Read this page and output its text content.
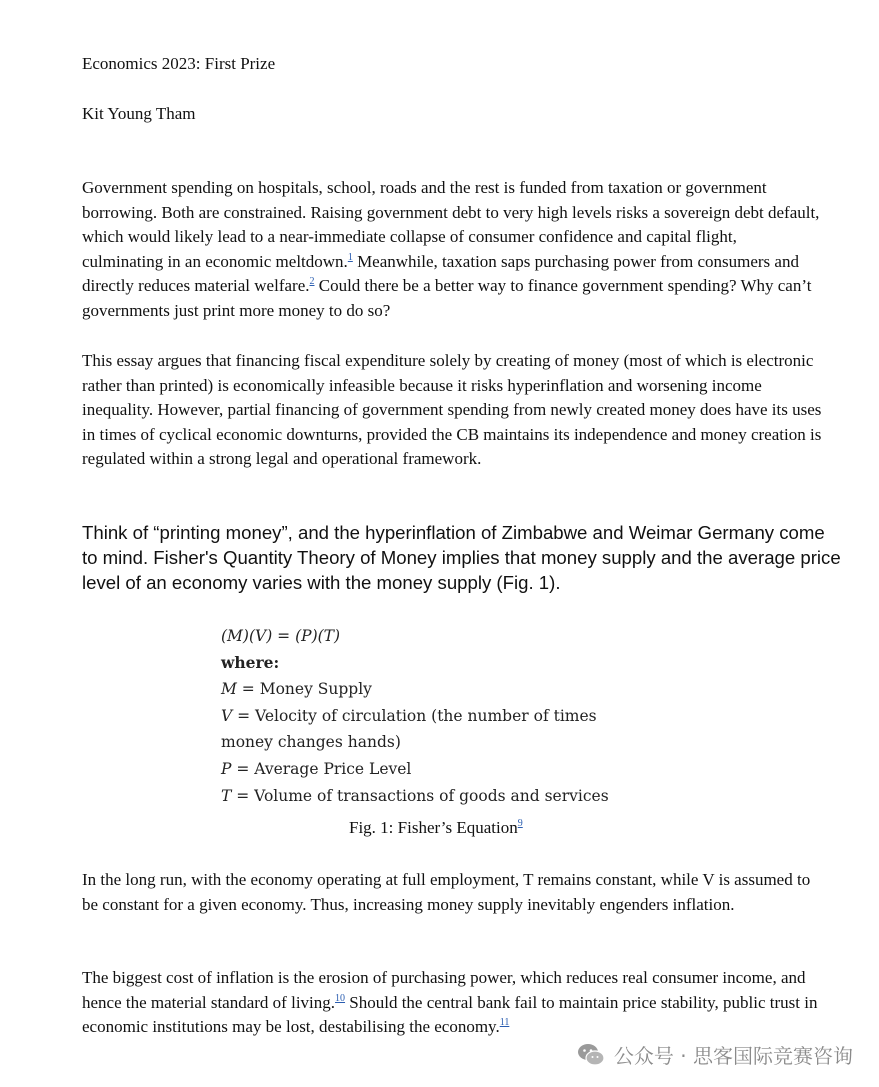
Economics 2023: First Prize
Kit Young Tham

Government spending on hospitals, school, roads and the rest is funded from taxation or government borrowing. Both are constrained. Raising government debt to very high levels risks a sovereign debt default, which would likely lead to a near-immediate collapse of consumer confidence and capital flight, culminating in an economic meltdown.$^1$ Meanwhile, taxation saps purchasing power from consumers and directly reduces material welfare.$^2$ Could there be a better way to finance government spending? Why can’t governments just print more money to do so?

This essay argues that financing fiscal expenditure solely by creating of money (most of which is electronic rather than printed) is economically infeasible because it risks hyperinflation and worsening income inequality. However, partial financing of government spending from newly created money does have its uses in times of cyclical economic downturns, provided the CB maintains its independence and money creation is regulated within a strong legal and operational framework.

Think of “printing money”, and the hyperinflation of Zimbabwe and Weimar Germany come to mind. Fisher's Quantity Theory of Money implies that money supply and the average price level of an economy varies with the money supply (Fig. 1).

(M)(V) = (P)(T)
where:
M = Money Supply
V = Velocity of circulation (the number of times
money changes hands)
P = Average Price Level
T = Volume of transactions of goods and services
Fig. 1: Fisher’s Equation$^9$

In the long run, with the economy operating at full employment, T remains constant, while V is assumed to be constant for a given economy. Thus, increasing money supply inevitably engenders inflation.

The biggest cost of inflation is the erosion of purchasing power, which reduces real consumer income, and hence the material standard of living.$^{10}$ Should the central bank fail to maintain price stability, public trust in economic institutions may be lost, destabilising the economy.$^{11}$

公众号 · 思客国际竞赛咨询
